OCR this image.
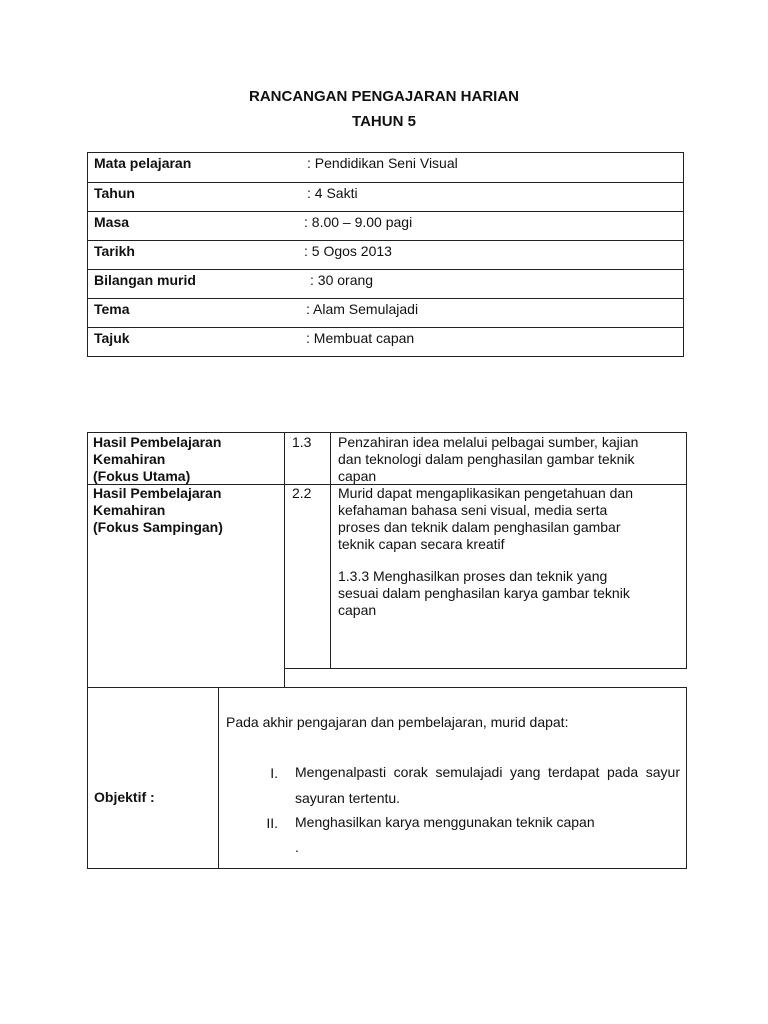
RANCANGAN PENGAJARAN HARIAN
TAHUN 5
Mata pelajaran	: Pendidikan Seni Visual
Tahun	: 4 Sakti
Masa	: 8.00 – 9.00 pagi
Tarikh	: 5 Ogos 2013
Bilangan murid	: 30 orang
Tema	: Alam Semulajadi
Tajuk	: Membuat capan
Hasil Pembelajaran
Kemahiran
(Fokus Utama)
1.3 Penzahiran idea melalui pelbagai sumber, kajian
dan teknologi dalam penghasilan gambar teknik
capan
Hasil Pembelajaran
Kemahiran
(Fokus Sampingan)
2.2 Murid dapat mengaplikasikan pengetahuan dan
kefahaman bahasa seni visual, media serta
proses dan teknik dalam penghasilan gambar
teknik capan secara kreatif
1.3.3 Menghasilkan proses dan teknik yang
sesuai dalam penghasilan karya gambar teknik
capan
Objektif :
Pada akhir pengajaran dan pembelajaran, murid dapat:
I. Mengenalpasti corak semulajadi yang terdapat pada sayur sayuran tertentu.
II. Menghasilkan karya menggunakan teknik capan
.
